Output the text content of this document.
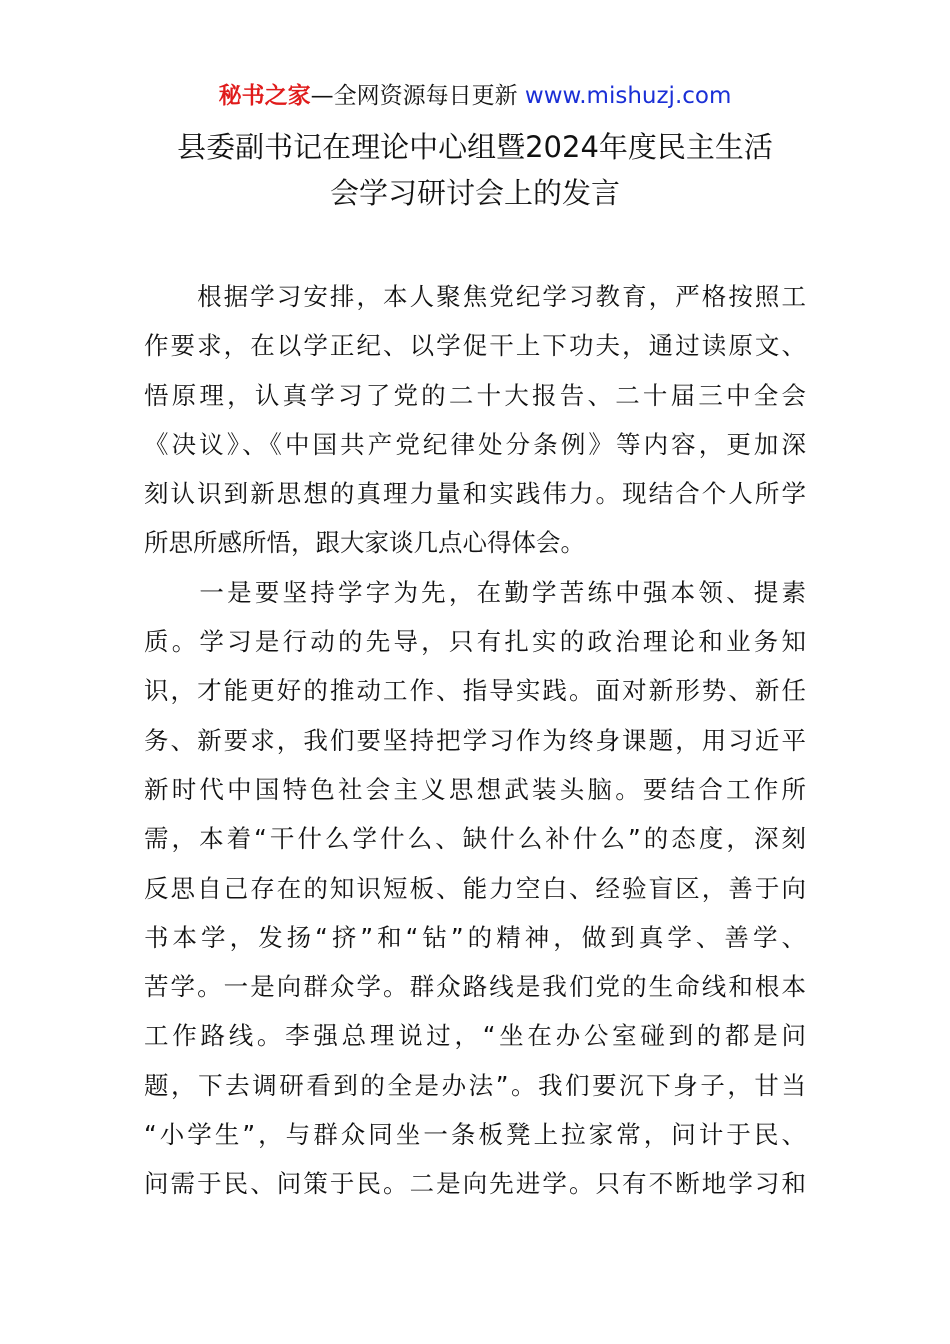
秘书之家—全网资源每日更新 www.mishuzj.com
县委副书记在理论中心组暨2024年度民主生活
会学习研讨会上的发言
　　根据学习安排，本人聚焦党纪学习教育，严格按照工
作要求，在以学正纪、以学促干上下功夫，通过读原文、
悟原理，认真学习了党的二十大报告、二十届三中全会
《决议》、《中国共产党纪律处分条例》等内容，更加深
刻认识到新思想的真理力量和实践伟力。现结合个人所学
所思所感所悟，跟大家谈几点心得体会。
　　一是要坚持学字为先，在勤学苦练中强本领、提素
质。学习是行动的先导，只有扎实的政治理论和业务知
识，才能更好的推动工作、指导实践。面对新形势、新任
务、新要求，我们要坚持把学习作为终身课题，用习近平
新时代中国特色社会主义思想武装头脑。要结合工作所
需，本着“干什么学什么、缺什么补什么”的态度，深刻
反思自己存在的知识短板、能力空白、经验盲区，善于向
书本学，发扬“挤”和“钻”的精神，做到真学、善学、
苦学。一是向群众学。群众路线是我们党的生命线和根本
工作路线。李强总理说过，“坐在办公室碰到的都是问
题，下去调研看到的全是办法”。我们要沉下身子，甘当
“小学生”，与群众同坐一条板凳上拉家常，问计于民、
问需于民、问策于民。二是向先进学。只有不断地学习和
